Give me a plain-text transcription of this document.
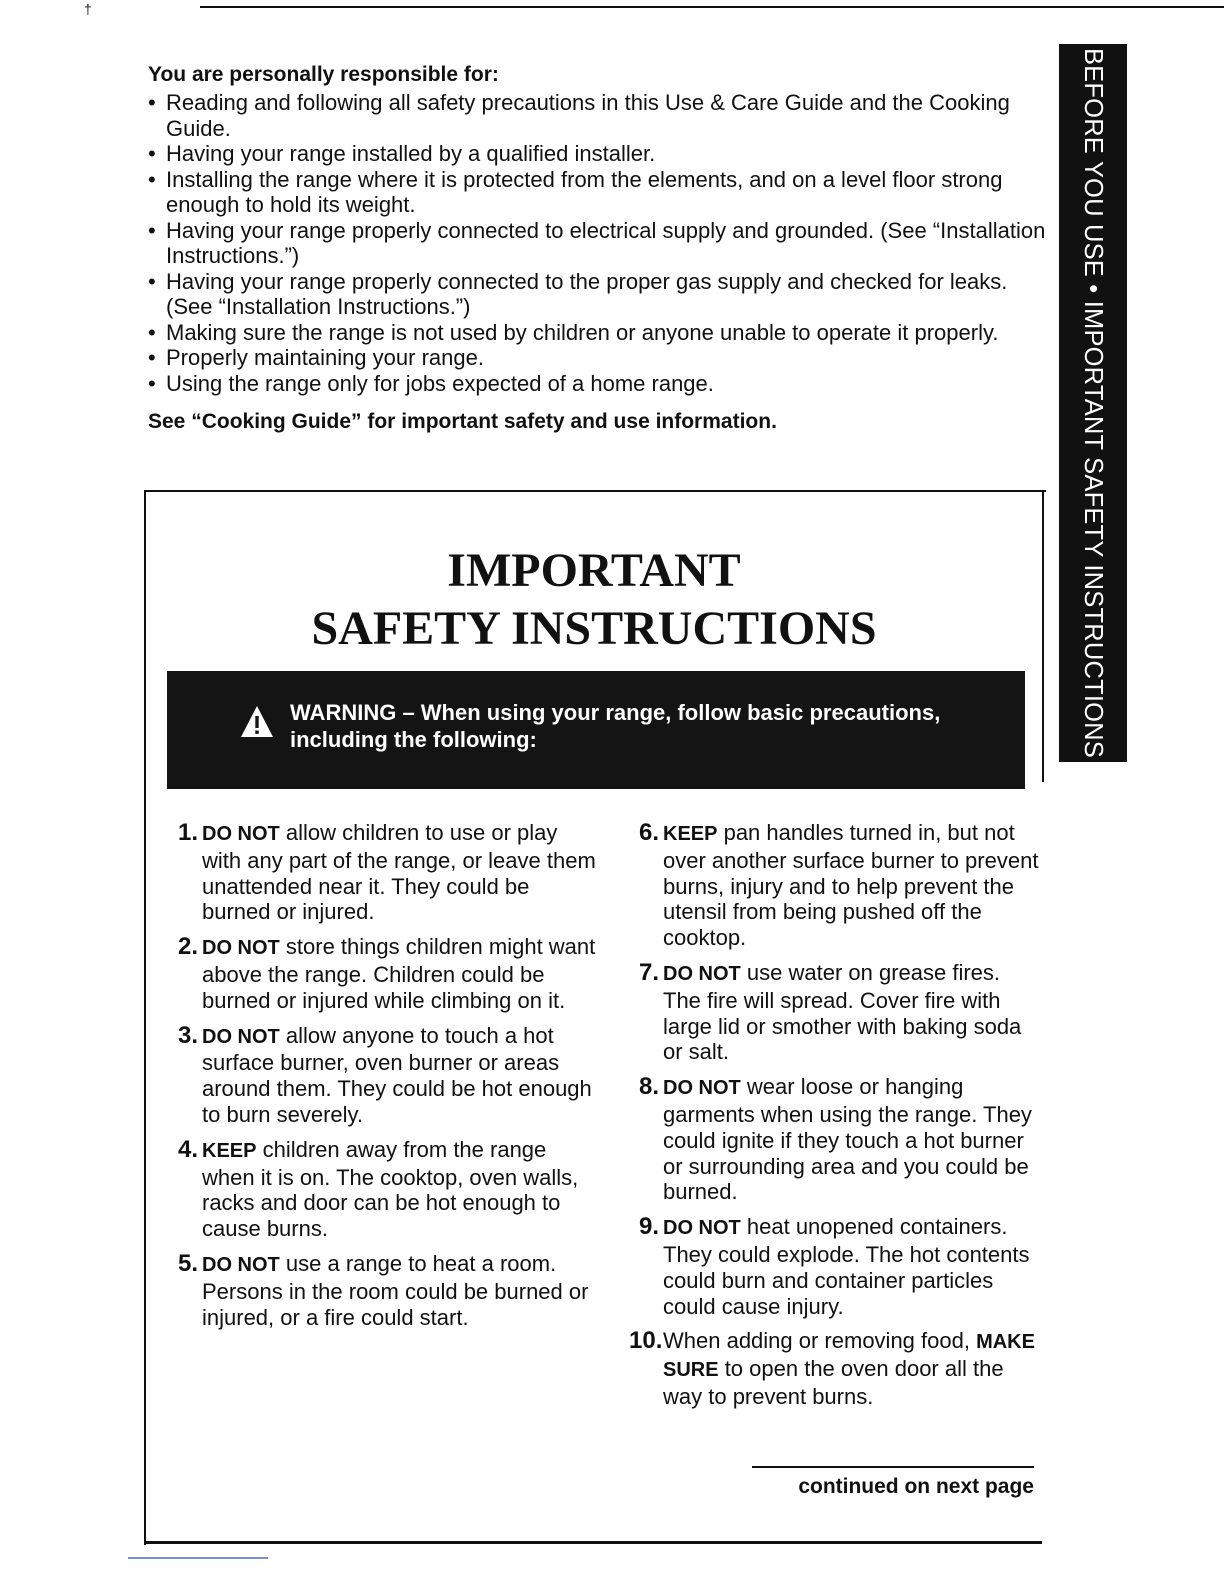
†
BEFORE YOU USE • IMPORTANT SAFETY INSTRUCTIONS

You are personally responsible for:

• Reading and following all safety precautions in this Use & Care Guide and the Cooking Guide.
• Having your range installed by a qualified installer.
• Installing the range where it is protected from the elements, and on a level floor strong enough to hold its weight.
• Having your range properly connected to electrical supply and grounded. (See “Installation Instructions.”)
• Having your range properly connected to the proper gas supply and checked for leaks. (See “Installation Instructions.”)
• Making sure the range is not used by children or anyone unable to operate it properly.
• Properly maintaining your range.
• Using the range only for jobs expected of a home range.

See “Cooking Guide” for important safety and use information.

IMPORTANT
SAFETY INSTRUCTIONS
WARNING – When using your range, follow basic precautions, including the following:
1. DO NOT allow children to use or play with any part of the range, or leave them unattended near it. They could be burned or injured.
2. DO NOT store things children might want above the range. Children could be burned or injured while climbing on it.
3. DO NOT allow anyone to touch a hot surface burner, oven burner or areas around them. They could be hot enough to burn severely.
4. KEEP children away from the range when it is on. The cooktop, oven walls, racks and door can be hot enough to cause burns.
5. DO NOT use a range to heat a room. Persons in the room could be burned or injured, or a fire could start.
6. KEEP pan handles turned in, but not over another surface burner to prevent burns, injury and to help prevent the utensil from being pushed off the cooktop.
7. DO NOT use water on grease fires. The fire will spread. Cover fire with large lid or smother with baking soda or salt.
8. DO NOT wear loose or hanging garments when using the range. They could ignite if they touch a hot burner or surrounding area and you could be burned.
9. DO NOT heat unopened containers. They could explode. The hot contents could burn and container particles could cause injury.
10. When adding or removing food, MAKE SURE to open the oven door all the way to prevent burns.
continued on next page
